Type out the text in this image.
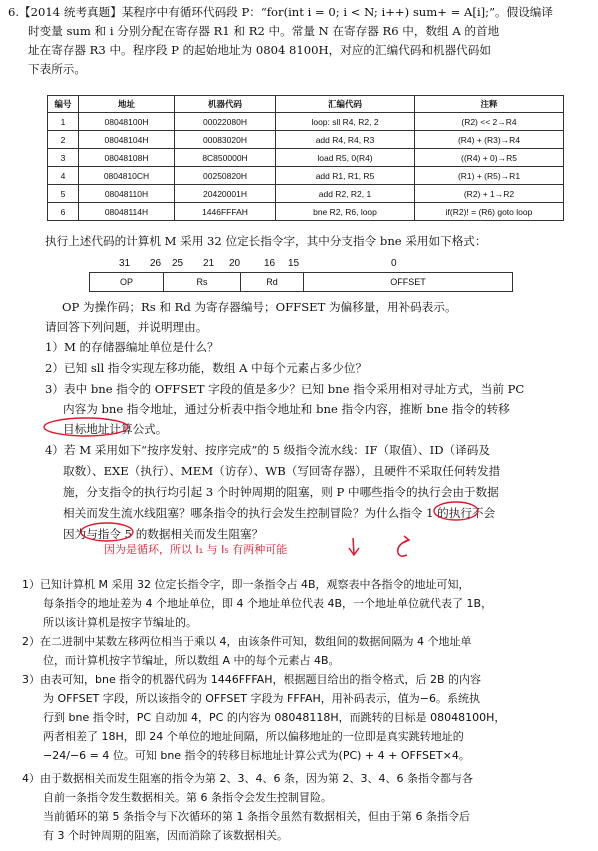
6.【2014 统考真题】某程序中有循环代码段 P：“for(int i = 0; i < N; i++) sum+ = A[i];”。假设编译
时变量 sum 和 i 分别分配在寄存器 R1 和 R2 中。常量 N 在寄存器 R6 中，数组 A 的首地
址在寄存器 R3 中。程序段 P 的起始地址为 0804 8100H，对应的汇编代码和机器代码如
下表所示。
编号	地址	机器代码	汇编代码	注释
1	08048100H	00022080H	loop: sll R4, R2, 2	(R2) << 2→R4
2	08048104H	00083020H	add R4, R4, R3	(R4) + (R3)→R4
3	08048108H	8C850000H	load R5, 0(R4)	((R4) + 0)→R5
4	0804810CH	00250820H	add R1, R1, R5	(R1) + (R5)→R1
5	08048110H	20420001H	add R2, R2, 1	(R2) + 1→R2
6	08048114H	1446FFFAH	bne R2, R6, loop	if(R2)! = (R6) goto loop
执行上述代码的计算机 M 采用 32 位定长指令字，其中分支指令 bne 采用如下格式：
31 26 25 21 20 16 15	0
OP	Rs	Rd	OFFSET
OP 为操作码；Rs 和 Rd 为寄存器编号；OFFSET 为偏移量，用补码表示。
请回答下列问题，并说明理由。
1）M 的存储器编址单位是什么？
2）已知 sll 指令实现左移功能，数组 A 中每个元素占多少位？
3）表中 bne 指令的 OFFSET 字段的值是多少？已知 bne 指令采用相对寻址方式，当前 PC
内容为 bne 指令地址，通过分析表中指令地址和 bne 指令内容，推断 bne 指令的转移
目标地址计算公式。
4）若 M 采用如下“按序发射、按序完成”的 5 级指令流水线：IF（取值）、ID（译码及
取数）、EXE（执行）、MEM（访存）、WB（写回寄存器），且硬件不采取任何转发措
施，分支指令的执行均引起 3 个时钟周期的阻塞，则 P 中哪些指令的执行会由于数据
相关而发生流水线阻塞？哪条指令的执行会发生控制冒险？为什么指令 1 的执行不会
因为与指令 5 的数据相关而发生阻塞？
因为是循环，所以 I₁ 与 I₅ 有两种可能
1）已知计算机 M 采用 32 位定长指令字，即一条指令占 4B，观察表中各指令的地址可知，
每条指令的地址差为 4 个地址单位，即 4 个地址单位代表 4B，一个地址单位就代表了 1B，
所以该计算机是按字节编址的。
2）在二进制中某数左移两位相当于乘以 4，由该条件可知，数组间的数据间隔为 4 个地址单
位，而计算机按字节编址，所以数组 A 中的每个元素占 4B。
3）由表可知，bne 指令的机器代码为 1446FFFAH，根据题目给出的指令格式，后 2B 的内容
为 OFFSET 字段，所以该指令的 OFFSET 字段为 FFFAH，用补码表示，值为−6。系统执
行到 bne 指令时，PC 自动加 4，PC 的内容为 08048118H，而跳转的目标是 08048100H，
两者相差了 18H，即 24 个单位的地址间隔，所以偏移地址的一位即是真实跳转地址的
−24/−6 = 4 位。可知 bne 指令的转移目标地址计算公式为(PC) + 4 + OFFSET×4。
4）由于数据相关而发生阻塞的指令为第 2、3、4、6 条，因为第 2、3、4、6 条指令都与各
自前一条指令发生数据相关。第 6 条指令会发生控制冒险。
当前循环的第 5 条指令与下次循环的第 1 条指令虽然有数据相关，但由于第 6 条指令后
有 3 个时钟周期的阻塞，因而消除了该数据相关。
